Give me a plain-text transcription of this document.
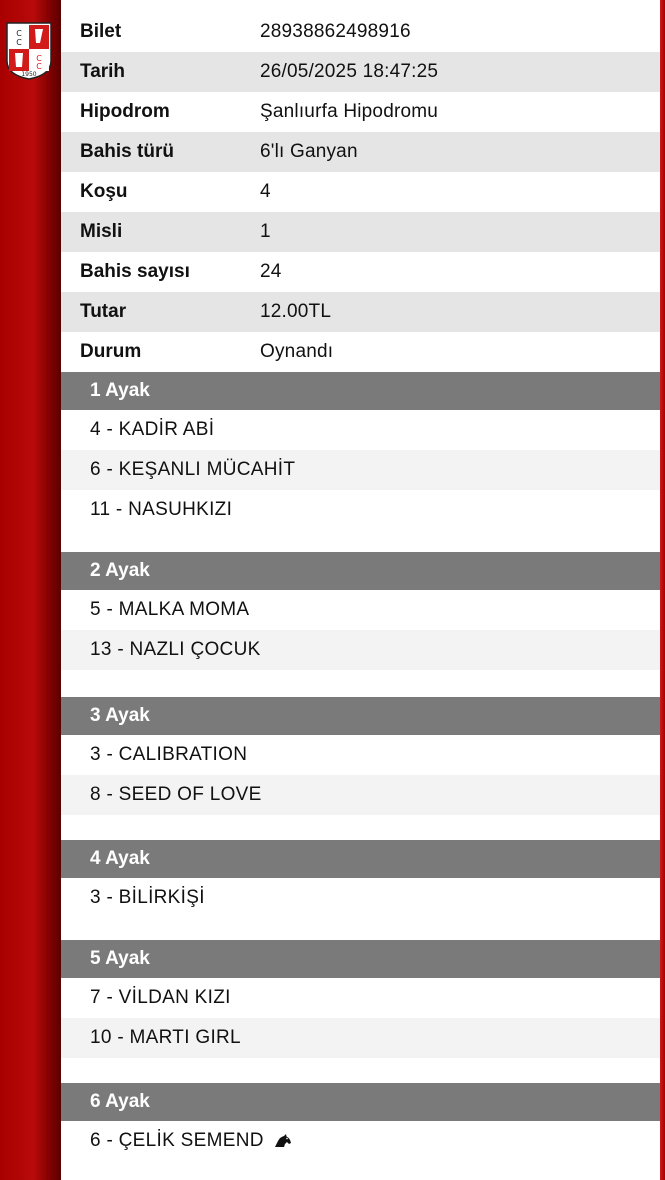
C
C
C
C
1950
Bilet	28938862498916
Tarih	26/05/2025 18:47:25
Hipodrom	Şanlıurfa Hipodromu
Bahis türü	6'lı Ganyan
Koşu	4
Misli	1
Bahis sayısı	24
Tutar	12.00TL
Durum	Oynandı
1 Ayak
4 - KADİR ABİ
6 - KEŞANLI MÜCAHİT
11 - NASUHKIZI
2 Ayak
5 - MALKA MOMA
13 - NAZLI ÇOCUK
3 Ayak
3 - CALIBRATION
8 - SEED OF LOVE
4 Ayak
3 - BİLİRKİŞİ
5 Ayak
7 - VİLDAN KIZI
10 - MARTI GIRL
6 Ayak
6 - ÇELİK SEMEND
